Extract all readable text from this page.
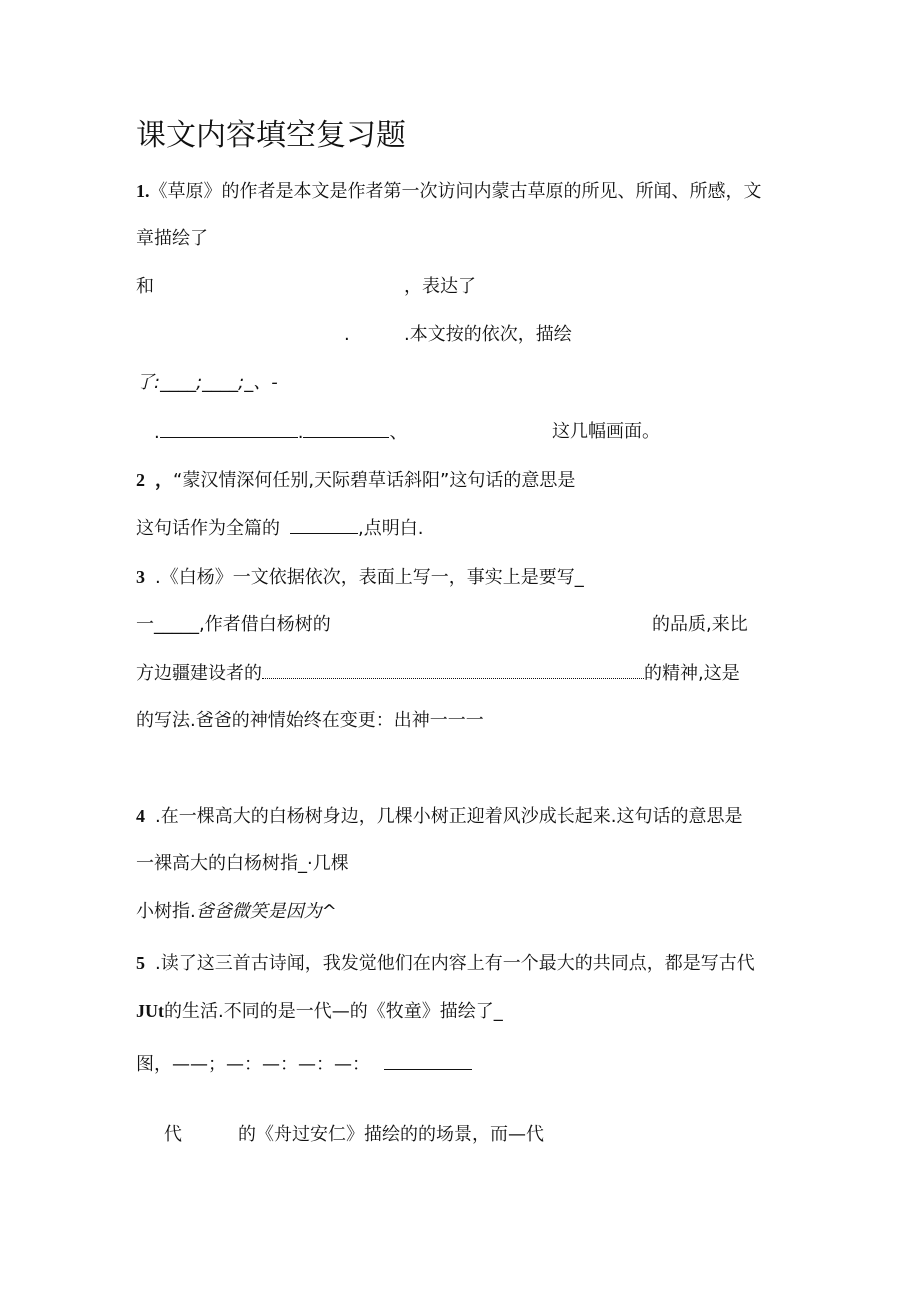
课文内容填空复习题
1.《草原》的作者是本文是作者第一次访问内蒙古草原的所见、所闻、所感，文
章描绘了
和	，表达了
.	.本文按的依次，描绘
了:____;____;_、-
.	.	、	这几幅画面。
2 ，“蒙汉情深何任别,天际碧草话斜阳”这句话的意思是
这句话作为全篇的	,点明白.
3 .《白杨》一文依据依次，表面上写一，事实上是要写_
一_____,作者借白杨树的	的品质,来比
方边疆建设者的	的精神,这是
的写法.爸爸的神情始终在变更：出神一一一
4 .在一棵高大的白杨树身边，几棵小树正迎着风沙成长起来.这句话的意思是
一裸高大的白杨树指_·几棵
小树指.爸爸微笑是因为^
5 .读了这三首古诗闻，我发觉他们在内容上有一个最大的共同点，都是写古代
JUt的生活.不同的是一代—的《牧童》描绘了_
图，——；—：—：—：—：
代	的《舟过安仁》描绘的的场景，而—代
